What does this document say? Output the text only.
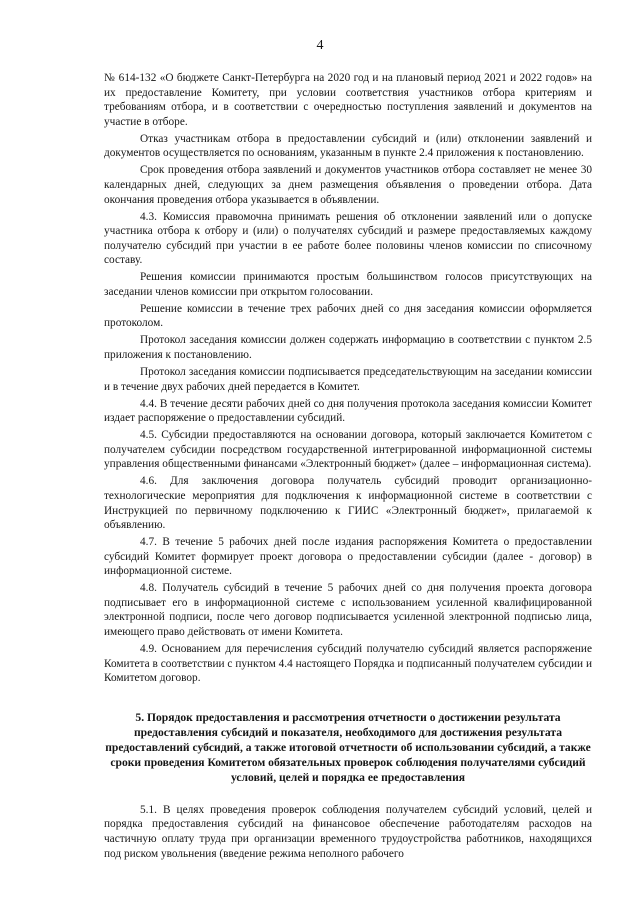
4

№ 614-132 «О бюджете Санкт-Петербурга на 2020 год и на плановый период 2021 и 2022 годов» на их предоставление Комитету, при условии соответствия участников отбора критериям и требованиям отбора, и в соответствии с очередностью поступления заявлений и документов на участие в отборе.

Отказ участникам отбора в предоставлении субсидий и (или) отклонении заявлений и документов осуществляется по основаниям, указанным в пункте 2.4 приложения к постановлению.

Срок проведения отбора заявлений и документов участников отбора составляет не менее 30 календарных дней, следующих за днем размещения объявления о проведении отбора. Дата окончания проведения отбора указывается в объявлении.

4.3. Комиссия правомочна принимать решения об отклонении заявлений или о допуске участника отбора к отбору и (или) о получателях субсидий и размере предоставляемых каждому получателю субсидий при участии в ее работе более половины членов комиссии по списочному составу.

Решения комиссии принимаются простым большинством голосов присутствующих на заседании членов комиссии при открытом голосовании.

Решение комиссии в течение трех рабочих дней со дня заседания комиссии оформляется протоколом.

Протокол заседания комиссии должен содержать информацию в соответствии с пунктом 2.5 приложения к постановлению.

Протокол заседания комиссии подписывается председательствующим на заседании комиссии и в течение двух рабочих дней передается в Комитет.

4.4. В течение десяти рабочих дней со дня получения протокола заседания комиссии Комитет издает распоряжение о предоставлении субсидий.

4.5. Субсидии предоставляются на основании договора, который заключается Комитетом с получателем субсидии посредством государственной интегрированной информационной системы управления общественными финансами «Электронный бюджет» (далее – информационная система).

4.6. Для заключения договора получатель субсидий проводит организационно-технологические мероприятия для подключения к информационной системе в соответствии с Инструкцией по первичному подключению к ГИИС «Электронный бюджет», прилагаемой к объявлению.

4.7. В течение 5 рабочих дней после издания распоряжения Комитета о предоставлении субсидий Комитет формирует проект договора о предоставлении субсидии (далее - договор) в информационной системе.

4.8. Получатель субсидий в течение 5 рабочих дней со дня получения проекта договора подписывает его в информационной системе с использованием усиленной квалифицированной электронной подписи, после чего договор подписывается усиленной электронной подписью лица, имеющего право действовать от имени Комитета.

4.9. Основанием для перечисления субсидий получателю субсидий является распоряжение Комитета в соответствии с пунктом 4.4 настоящего Порядка и подписанный получателем субсидии и Комитетом договор.

5. Порядок предоставления и рассмотрения отчетности о достижении результата предоставления субсидий и показателя, необходимого для достижения результата предоставлений субсидий, а также итоговой отчетности об использовании субсидий, а также сроки проведения Комитетом обязательных проверок соблюдения получателями субсидий условий, целей и порядка ее предоставления

5.1. В целях проведения проверок соблюдения получателем субсидий условий, целей и порядка предоставления субсидий на финансовое обеспечение работодателям расходов на частичную оплату труда при организации временного трудоустройства работников, находящихся под риском увольнения (введение режима неполного рабочего
